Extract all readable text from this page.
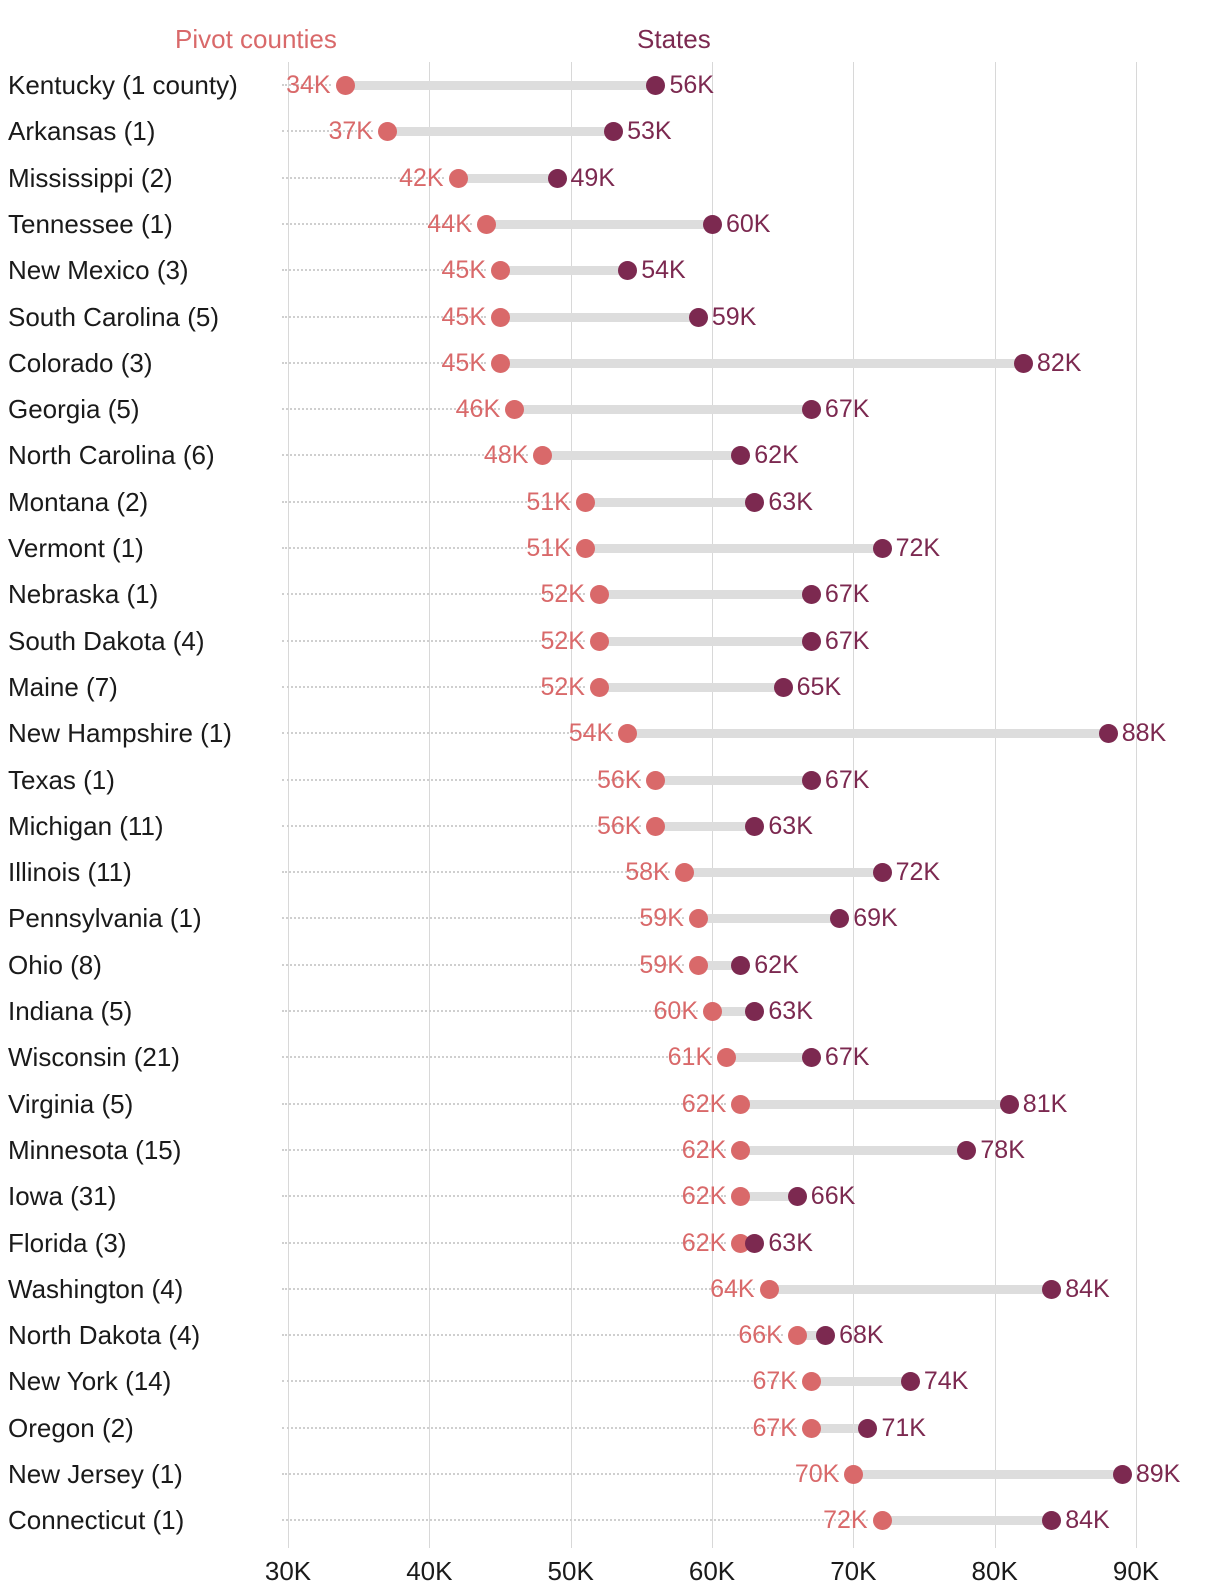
Pivot counties	States
34K	56K
Kentucky (1 county)
37K	53K
Arkansas (1)
42K	49K
Mississippi (2)
44K	60K
Tennessee (1)
45K	54K
New Mexico (3)
45K	59K
South Carolina (5)
45K	82K
Colorado (3)
46K	67K
Georgia (5)
48K	62K
North Carolina (6)
51K	63K
Montana (2)
51K	72K
Vermont (1)
52K	67K
Nebraska (1)
52K	67K
South Dakota (4)
52K	65K
Maine (7)
54K	88K
New Hampshire (1)
56K	67K
Texas (1)
56K	63K
Michigan (11)
58K	72K
Illinois (11)
59K	69K
Pennsylvania (1)
59K	62K
Ohio (8)
60K	63K
Indiana (5)
61K	67K
Wisconsin (21)
62K	81K
Virginia (5)
62K	78K
Minnesota (15)
62K	66K
Iowa (31)
62K 63K
Florida (3)
64K	84K
Washington (4)
66K 68K
North Dakota (4)
67K	74K
New York (14)
67K	71K
Oregon (2)
70K	89K
New Jersey (1)
72K	84K
Connecticut (1)
30K	40K	50K	60K	70K	80K	90K
